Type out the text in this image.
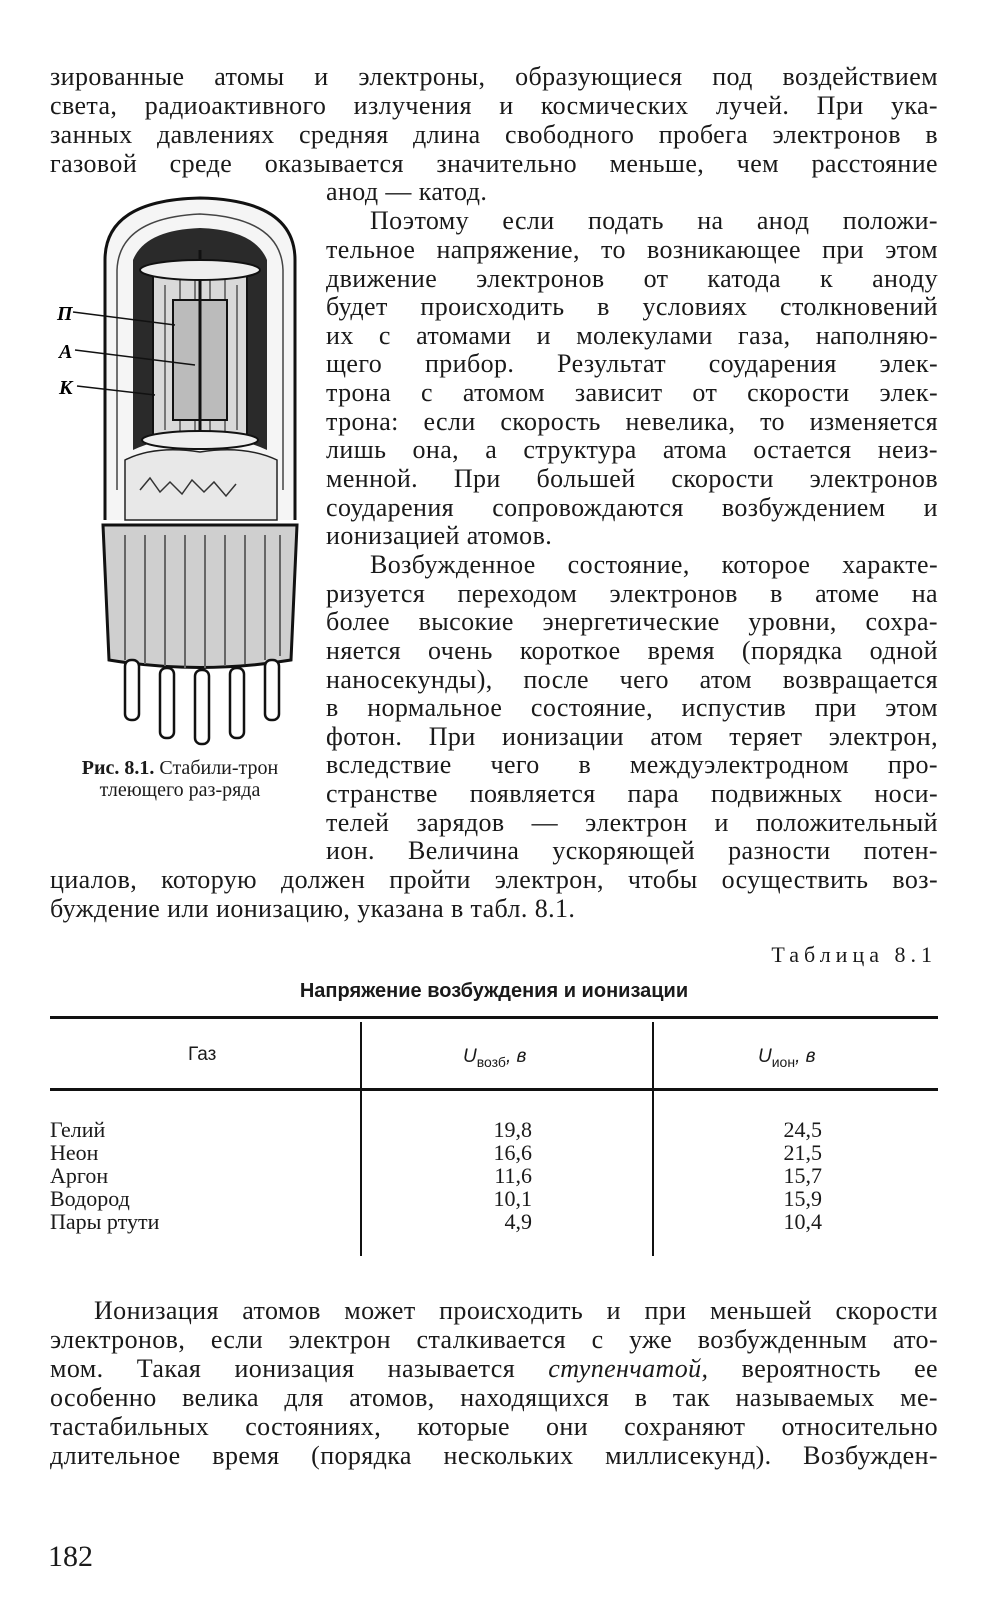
зированные атомы и электроны, образующиеся под воздействием
света, радиоактивного излучения и космических лучей. При ука-
занных давлениях средняя длина свободного пробега электронов в
газовой среде оказывается значительно меньше, чем расстояние
анод — катод.
Поэтому если подать на анод положи-
тельное напряжение, то возникающее при этом
движение электронов от катода к аноду
будет происходить в условиях столкновений
их с атомами и молекулами газа, наполняю-
щего прибор. Результат соударения элек-
трона с атомом зависит от скорости элек-
трона: если скорость невелика, то изменяется
лишь она, а структура атома остается неиз-
менной. При большей скорости электронов
соударения сопровождаются возбуждением и
ионизацией атомов.
Возбужденное состояние, которое характе-
ризуется переходом электронов в атоме на
более высокие энергетические уровни, сохра-
няется очень короткое время (порядка одной
наносекунды), после чего атом возвращается
в нормальное состояние, испустив при этом
фотон. При ионизации атом теряет электрон,
вследствие чего в междуэлектродном про-
странстве появляется пара подвижных носи-
телей зарядов — электрон и положительный
ион. Величина ускоряющей разности потен-
циалов, которую должен пройти электрон, чтобы осуществить воз-
буждение или ионизацию, указана в табл. 8.1.
П
А
К
Рис. 8.1. Стабили-трон тлеющего раз-ряда
Таблица 8.1
Напряжение возбуждения и ионизации
Газ	$U_{возб}$, в	$U_{ион}$, в
Гелий	19,8	24,5
Неон	16,6	21,5
Аргон	11,6	15,7
Водород	10,1	15,9
Пары ртути	4,9	10,4
Ионизация атомов может происходить и при меньшей скорости
электронов, если электрон сталкивается с уже возбужденным ато-
мом. Такая ионизация называется ступенчатой, вероятность ее
особенно велика для атомов, находящихся в так называемых ме-
тастабильных состояниях, которые они сохраняют относительно
длительное время (порядка нескольких миллисекунд). Возбужден-
182
